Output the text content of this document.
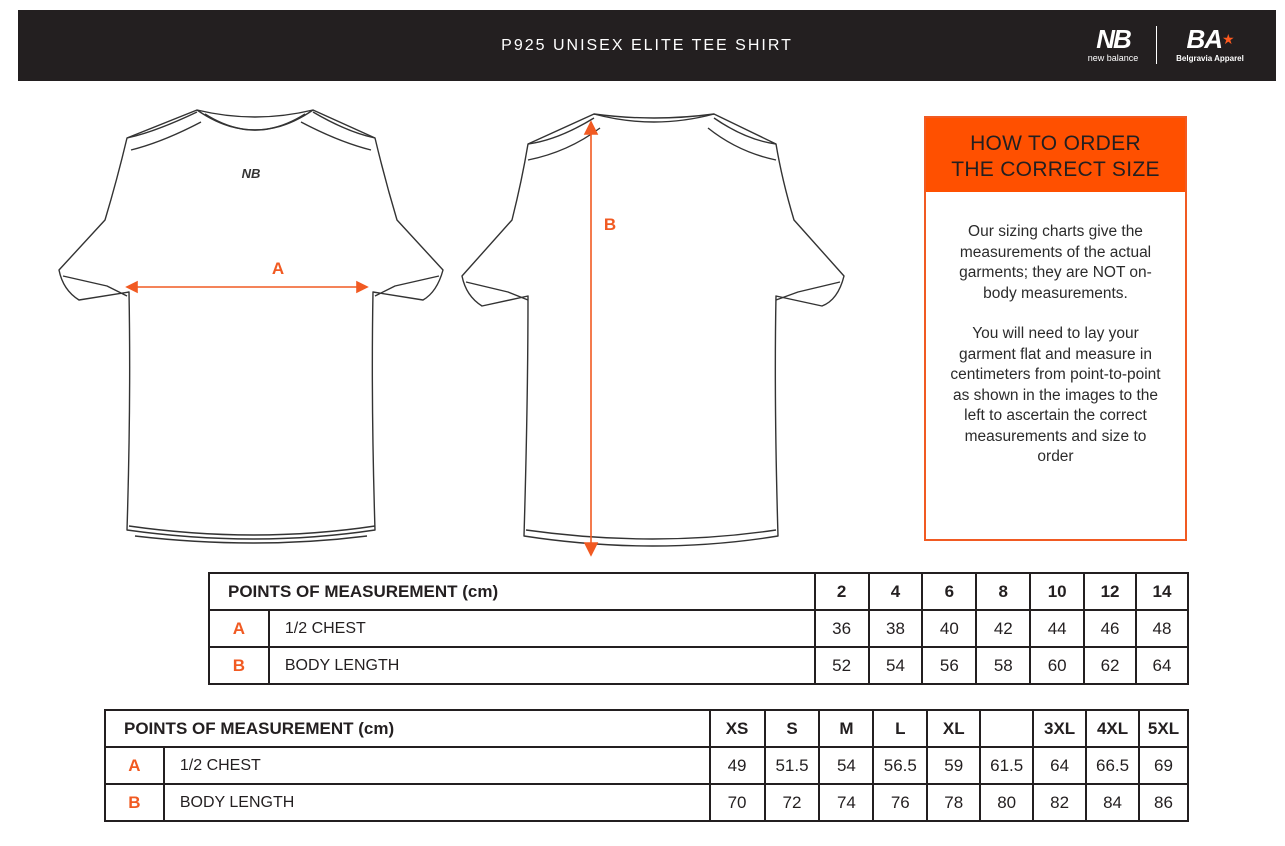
P925 UNISEX ELITE TEE SHIRT	NB
new balance
BA★
Belgravia Apparel
NB
A
B
HOW TO ORDER
THE CORRECT SIZE

Our sizing charts give the measurements of the actual garments; they are NOT on-body measurements.

You will need to lay your garment flat and measure in centimeters from point-to-point as shown in the images to the left to ascertain the correct measurements and size to order

POINTS OF MEASUREMENT (cm)		2	4	6	8	10	12	14
A	1/2 CHEST	36	38	40	42	44	46	48
B	BODY LENGTH	52	54	56	58	60	62	64
POINTS OF MEASUREMENT (cm)		XS	S	M	L	XL		3XL	4XL	5XL
A	1/2 CHEST	49	51.5	54	56.5	59	61.5	64	66.5	69
B	BODY LENGTH	70	72	74	76	78	80	82	84	86
